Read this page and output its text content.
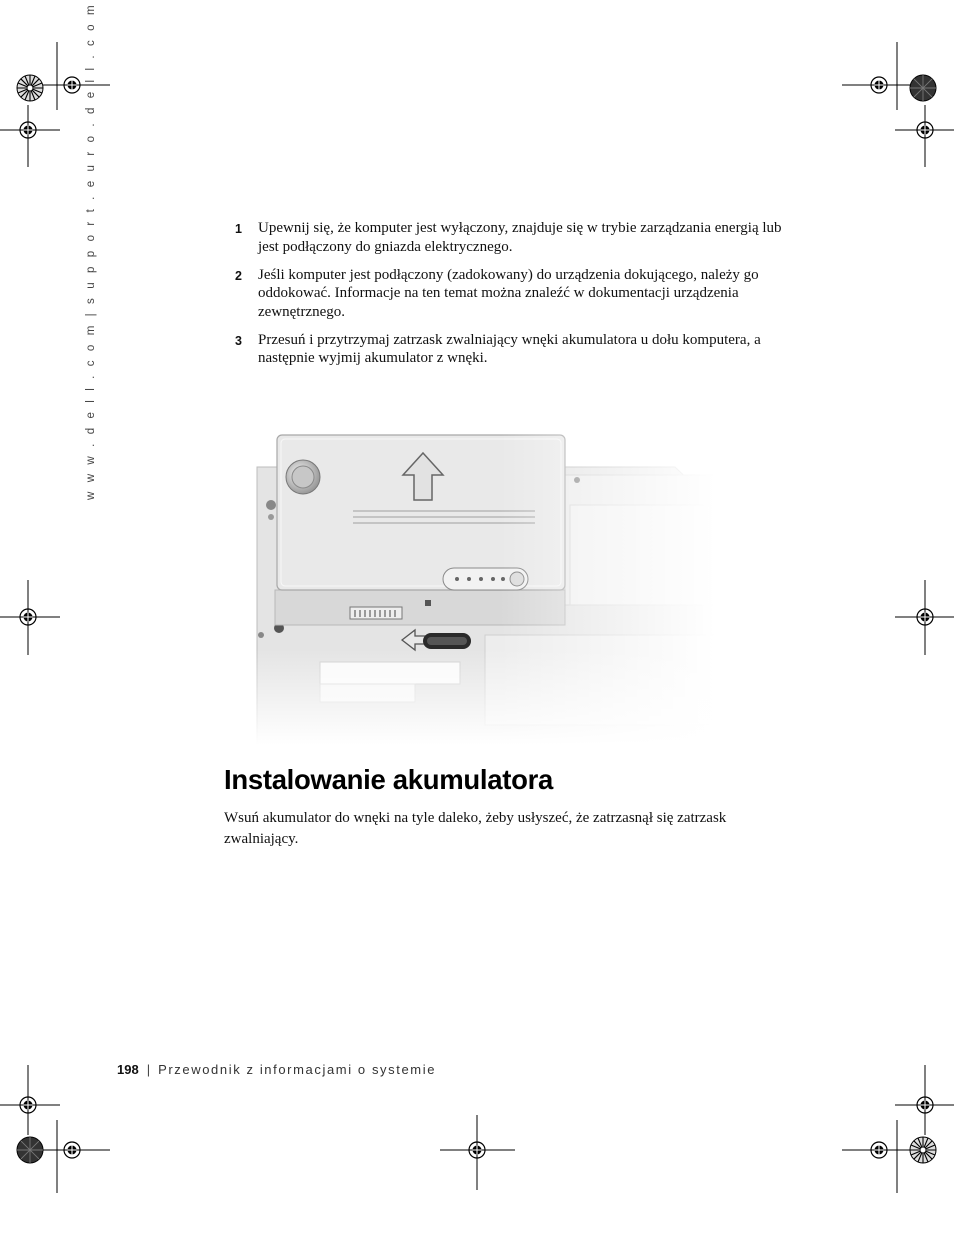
w w w . d e l l . c o m | s u p p o r t . e u r o . d e l l . c o m	1 Upewnij się, że komputer jest wyłączony, znajduje się w trybie zarządzania energią lub jest podłączony do gniazda elektrycznego.
2 Jeśli komputer jest podłączony (zadokowany) do urządzenia dokującego, należy go oddokować. Informacje na ten temat można znaleźć w dokumentacji urządzenia zewnętrznego.
3 Przesuń i przytrzymaj zatrzask zwalniający wnęki akumulatora u dołu komputera, a następnie wyjmij akumulator z wnęki.
Instalowanie akumulatora

Wsuń akumulator do wnęki na tyle daleko, żeby usłyszeć, że zatrzasnął się zatrzask zwalniający.

198 | Przewodnik z informacjami o systemie
